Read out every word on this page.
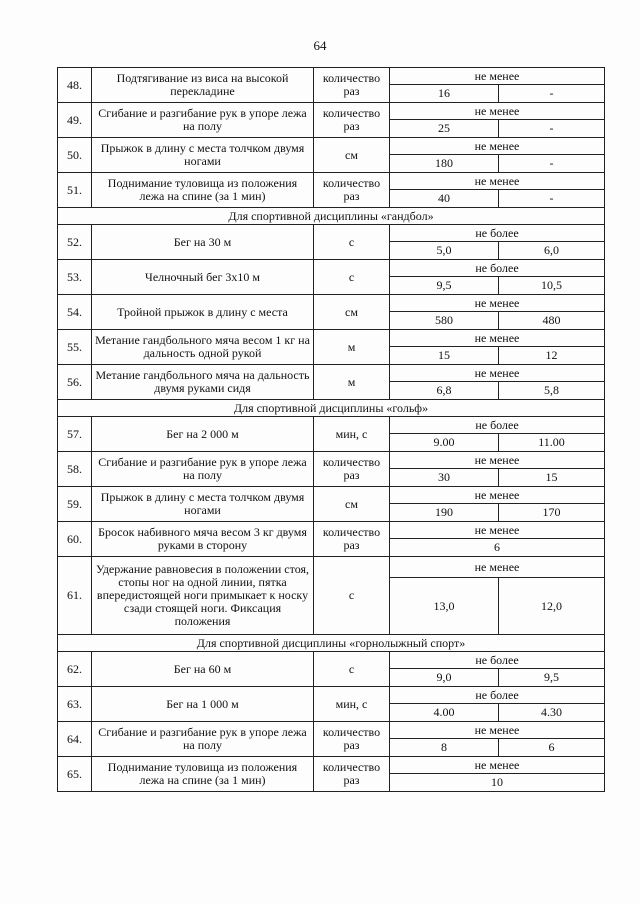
64
48.	Подтягивание из виса на высокой перекладине	количество раз	не менее	
			16	-
49.	Сгибание и разгибание рук в упоре лежа на полу	количество раз	не менее	
			25	-
50.	Прыжок в длину с места толчком двумя ногами	см	не менее	
			180	-
51.	Поднимание туловища из положения лежа на спине (за 1 мин)	количество раз	не менее	
			40	-
Для спортивной дисциплины «гандбол»				
52.	Бег на 30 м	с	не более	
			5,0	6,0
53.	Челночный бег 3х10 м	с	не более	
			9,5	10,5
54.	Тройной прыжок в длину с места	см	не менее	
			580	480
55.	Метание гандбольного мяча весом 1 кг на дальность одной рукой	м	не менее	
			15	12
56.	Метание гандбольного мяча на дальность двумя руками сидя	м	не менее	
			6,8	5,8
Для спортивной дисциплины «гольф»				
57.	Бег на 2 000 м	мин, с	не более	
			9.00	11.00
58.	Сгибание и разгибание рук в упоре лежа на полу	количество раз	не менее	
			30	15
59.	Прыжок в длину с места толчком двумя ногами	см	не менее	
			190	170
60.	Бросок набивного мяча весом 3 кг двумя руками в сторону	количество раз	не менее	
			6	
61.	Удержание равновесия в положении стоя, стопы ног на одной линии, пятка впередистоящей ноги примыкает к носку сзади стоящей ноги. Фиксация положения	с	не менее	
			13,0	12,0
Для спортивной дисциплины «горнолыжный спорт»				
62.	Бег на 60 м	с	не более	
			9,0	9,5
63.	Бег на 1 000 м	мин, с	не более	
			4.00	4.30
64.	Сгибание и разгибание рук в упоре лежа на полу	количество раз	не менее	
			8	6
65.	Поднимание туловища из положения лежа на спине (за 1 мин)	количество раз	не менее	
			10	
